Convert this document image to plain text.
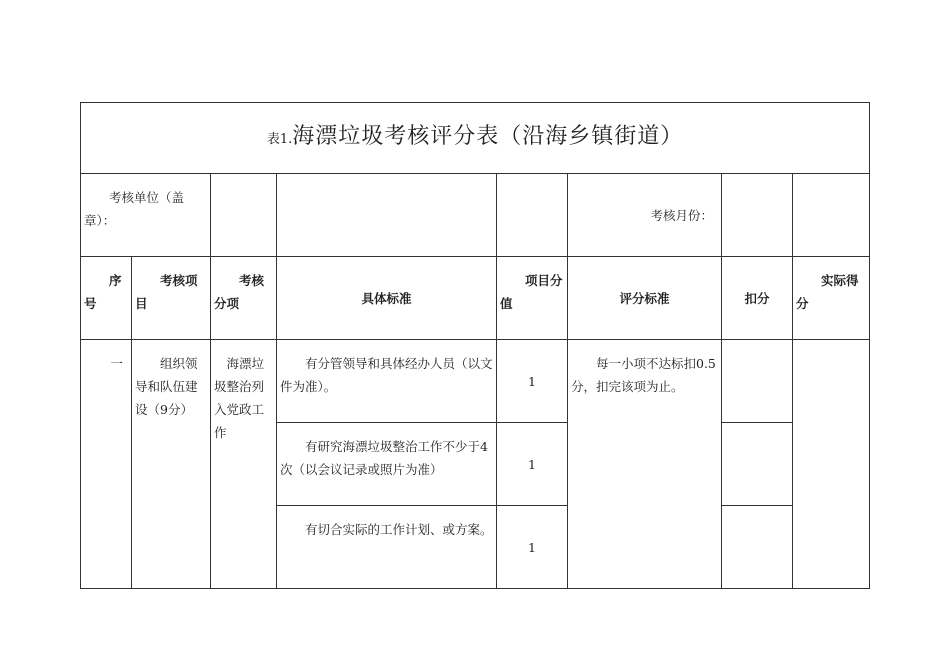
表1.海漂垃圾考核评分表（沿海乡镇街道）							
考核单位（盖章）：					考核月份：		
序号	考核项目	考核分项	具体标准	项目分值	评分标准	扣分	实际得分
一	组织领导和队伍建设（9分）	海漂垃圾整治列入党政工作	有分管领导和具体经办人员（以文件为准）。	1	每一小项不达标扣0.5分，扣完该项为止。		
			有研究海漂垃圾整治工作不少于4次（以会议记录或照片为准）	1			
			有切合实际的工作计划、或方案。	1			
